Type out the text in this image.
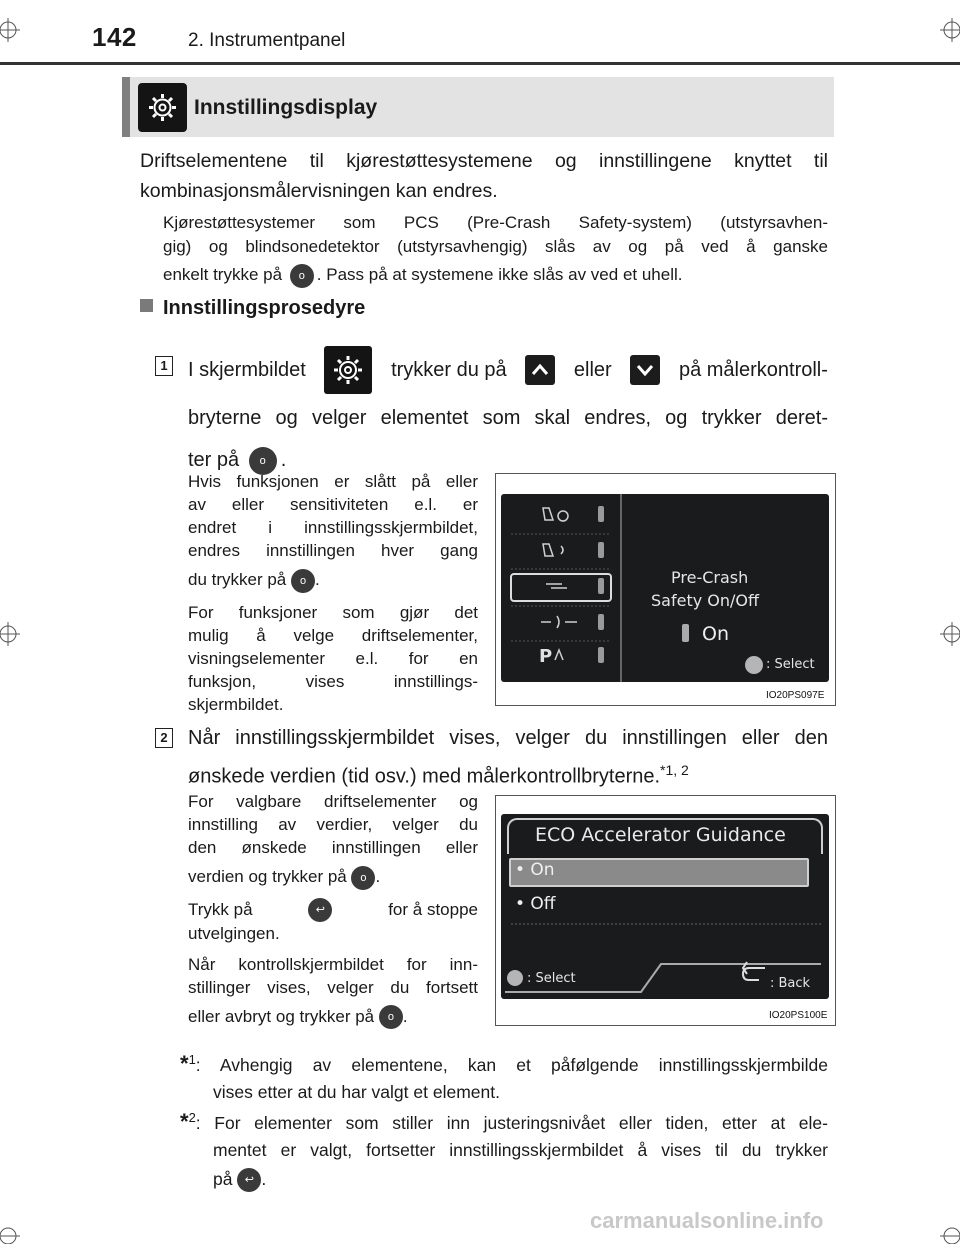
142	2. Instrumentpanel
Innstillingsdisplay
Driftselementene til kjørestøttesystemene og innstillingene knyttet til
kombinasjonsmålervisningen kan endres.
Kjørestøttesystemer som PCS (Pre-Crash Safety-system) (utstyrsavhen-
gig) og blindsonedetektor (utstyrsavhengig) slås av og på ved å ganske
enkelt trykke på o . Pass på at systemene ikke slås av ved et uhell.
Innstillingsprosedyre
1 I skjermbildet	trykker du på	eller	på målerkontroll-
bryterne og velger elementet som skal endres, og trykker deret-
ter på o .
Hvis funksjonen er slått på eller
av eller sensitiviteten e.l. er
endret i innstillingsskjermbildet,
endres innstillingen hver gang
du trykker på o .
For funksjoner som gjør det
mulig å velge driftselementer,
visningselementer e.l. for en
funksjon, vises innstillings-
skjermbildet.
P
Pre-Crash
Safety On/Off
On
: Select
IO20PS097E
2 Når innstillingsskjermbildet vises, velger du innstillingen eller den
ønskede verdien (tid osv.) med målerkontrollbryterne.$^{*1, 2}$
For valgbare driftselementer og
innstilling av verdier, velger du
den ønskede innstillingen eller
verdien og trykker på o .
Trykk på	↩	for å stoppe
utvelgingen.
Når kontrollskjermbildet for inn-
stillinger vises, velger du fortsett
eller avbryt og trykker på o .
ECO Accelerator Guidance
• On
• Off
: Select	: Back
IO20PS100E
*$^1$: Avhengig av elementene, kan et påfølgende innstillingsskjermbilde
vises etter at du har valgt et element.
*$^2$: For elementer som stiller inn justeringsnivået eller tiden, etter at ele-
mentet er valgt, fortsetter innstillingsskjermbildet å vises til du trykker
på ↩ .
carmanualsonline.info
